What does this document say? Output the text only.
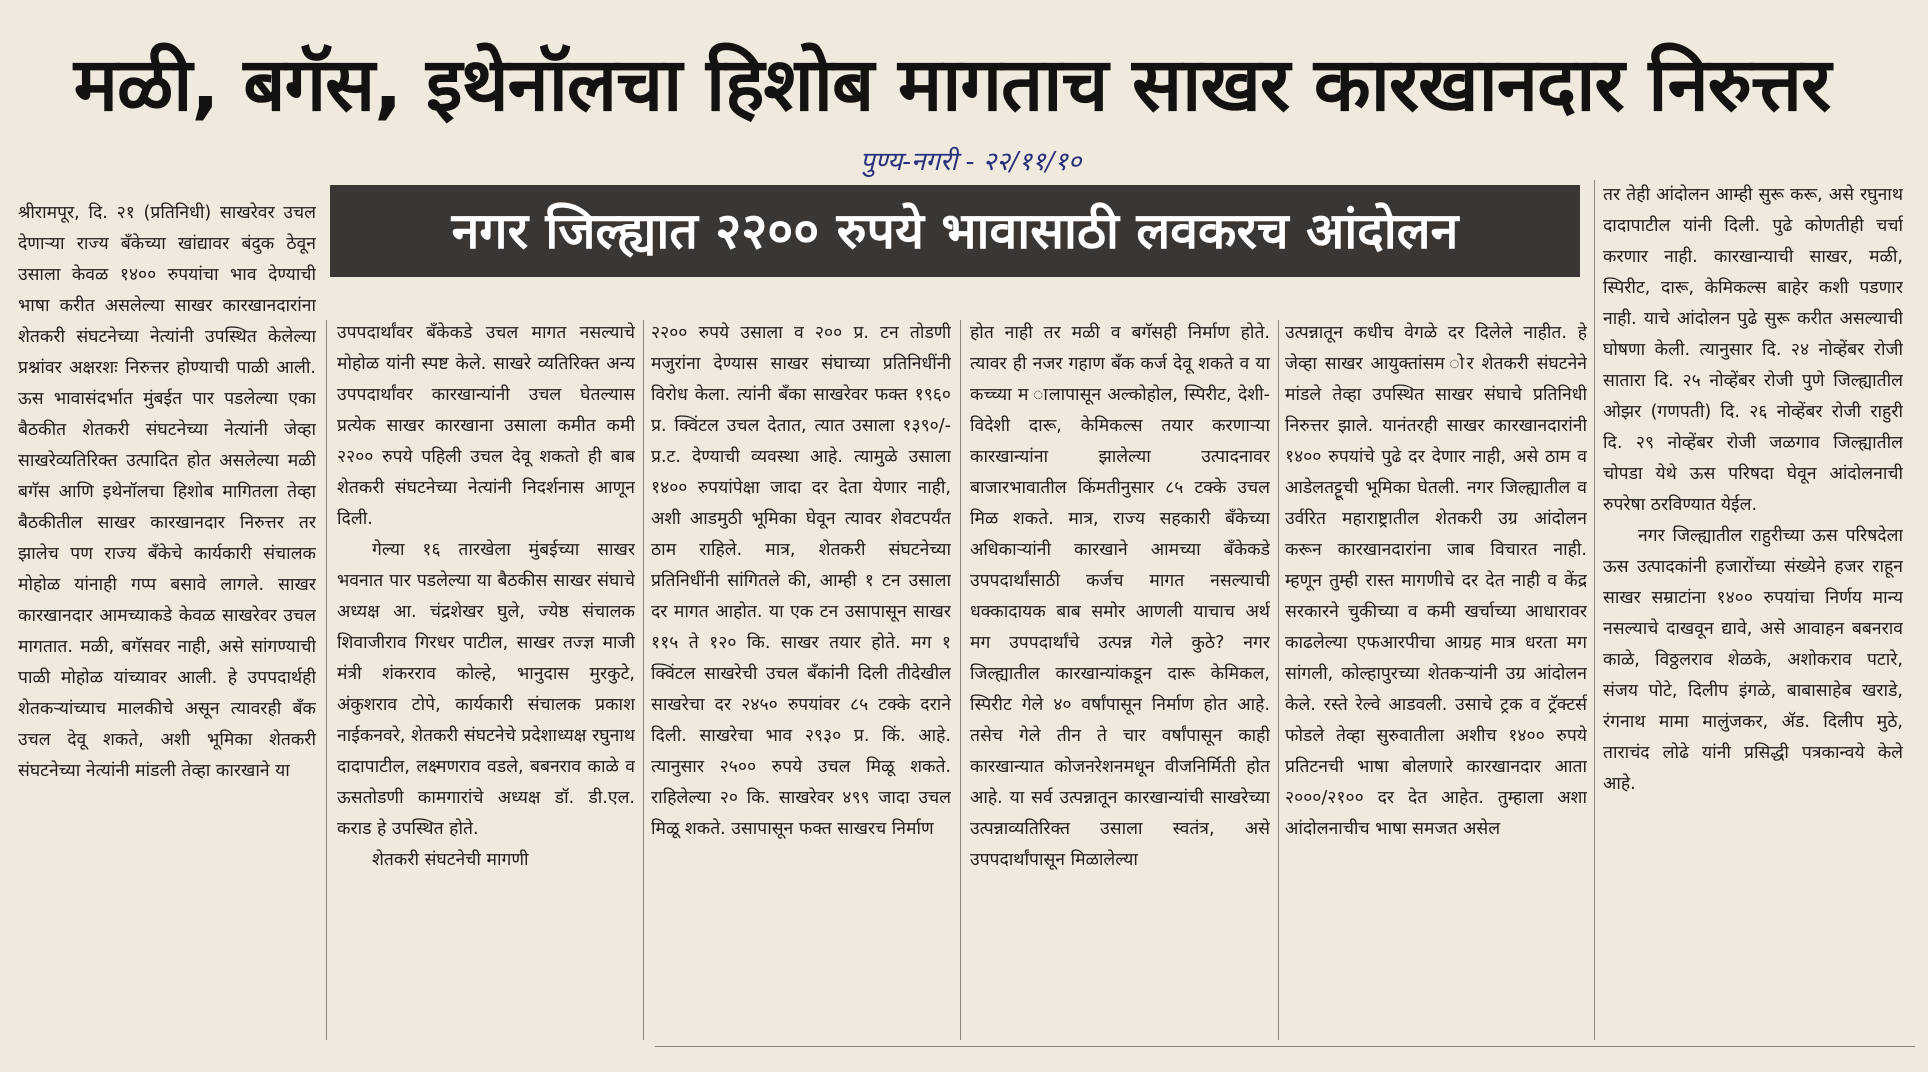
मळी, बगॅस, इथेनॉलचा हिशोब मागताच साखर कारखानदार निरुत्तर
पुण्य-नगरी - २२/११/१०
नगर जिल्ह्यात २२०० रुपये भावासाठी लवकरच आंदोलन

श्रीरामपूर, दि. २१ (प्रतिनिधी) साखरेवर उचल देणाऱ्या राज्य बँकेच्या खांद्यावर बंदुक ठेवून उसाला केवळ १४०० रुपयांचा भाव देण्याची भाषा करीत असलेल्या साखर कारखानदारांना शेतकरी संघटनेच्या नेत्यांनी उपस्थित केलेल्या प्रश्नांवर अक्षरशः निरुत्तर होण्याची पाळी आली. ऊस भावासंदर्भात मुंबईत पार पडलेल्या एका बैठकीत शेतकरी संघटनेच्या नेत्यांनी जेव्हा साखरेव्यतिरिक्त उत्पादित होत असलेल्या मळी बगॅस आणि इथेनॉलचा हिशोब मागितला तेव्हा बैठकीतील साखर कारखानदार निरुत्तर तर झालेच पण राज्य बँकेचे कार्यकारी संचालक मोहोळ यांनाही गप्प बसावे लागले. साखर कारखानदार आमच्याकडे केवळ साखरेवर उचल मागतात. मळी, बगॅसवर नाही, असे सांगण्याची पाळी मोहोळ यांच्यावर आली. हे उपपदार्थही शेतकऱ्यांच्याच मालकीचे असून त्यावरही बँक उचल देवू शकते, अशी भूमिका शेतकरी संघटनेच्या नेत्यांनी मांडली तेव्हा कारखाने या

उपपदार्थांवर बँकेकडे उचल मागत नसल्याचे मोहोळ यांनी स्पष्ट केले. साखरे व्यतिरिक्त अन्य उपपदार्थांवर कारखान्यांनी उचल घेतल्यास प्रत्येक साखर कारखाना उसाला कमीत कमी २२०० रुपये पहिली उचल देवू शकतो ही बाब शेतकरी संघटनेच्या नेत्यांनी निदर्शनास आणून दिली.

गेल्या १६ तारखेला मुंबईच्या साखर भवनात पार पडलेल्या या बैठकीस साखर संघाचे अध्यक्ष आ. चंद्रशेखर घुले, ज्येष्ठ संचालक शिवाजीराव गिरधर पाटील, साखर तज्ज्ञ माजी मंत्री शंकरराव कोल्हे, भानुदास मुरकुटे, अंकुशराव टोपे, कार्यकारी संचालक प्रकाश नाईकनवरे, शेतकरी संघटनेचे प्रदेशाध्यक्ष रघुनाथ दादापाटील, लक्ष्मणराव वडले, बबनराव काळे व ऊसतोडणी कामगारांचे अध्यक्ष डॉ. डी.एल. कराड हे उपस्थित होते.

शेतकरी संघटनेची मागणी

२२०० रुपये उसाला व २०० प्र. टन तोडणी मजुरांना देण्यास साखर संघाच्या प्रतिनिधींनी विरोध केला. त्यांनी बँका साखरेवर फक्त १९६० प्र. क्विंटल उचल देतात, त्यात उसाला १३९०/- प्र.ट. देण्याची व्यवस्था आहे. त्यामुळे उसाला १४०० रुपयांपेक्षा जादा दर देता येणार नाही, अशी आडमुठी भूमिका घेवून त्यावर शेवटपर्यंत ठाम राहिले. मात्र, शेतकरी संघटनेच्या प्रतिनिधींनी सांगितले की, आम्ही १ टन उसाला दर मागत आहोत. या एक टन उसापासून साखर ११५ ते १२० कि. साखर तयार होते. मग १ क्विंटल साखरेची उचल बँकांनी दिली तीदेखील साखरेचा दर २४५० रुपयांवर ८५ टक्के दराने दिली. साखरेचा भाव २९३० प्र. किं. आहे. त्यानुसार २५०० रुपये उचल मिळू शकते. राहिलेल्या २० कि. साखरेवर ४९९ जादा उचल मिळू शकते. उसापासून फक्त साखरच निर्माण

होत नाही तर मळी व बगॅसही निर्माण होते. त्यावर ही नजर गहाण बँक कर्ज देवू शकते व या कच्च्या म ालापासून अल्कोहोल, स्पिरीट, देशी-विदेशी दारू, केमिकल्स तयार करणाऱ्या कारखान्यांना झालेल्या उत्पादनावर बाजारभावातील किंमतीनुसार ८५ टक्के उचल मिळ शकते. मात्र, राज्य सहकारी बँकेच्या अधिकाऱ्यांनी कारखाने आमच्या बँकेकडे उपपदार्थांसाठी कर्जच मागत नसल्याची धक्कादायक बाब समोर आणली याचाच अर्थ मग उपपदार्थांचे उत्पन्न गेले कुठे? नगर जिल्ह्यातील कारखान्यांकडून दारू केमिकल, स्पिरीट गेले ४० वर्षांपासून निर्माण होत आहे. तसेच गेले तीन ते चार वर्षांपासून काही कारखान्यात कोजनरेशनमधून वीजनिर्मिती होत आहे. या सर्व उत्पन्नातून कारखान्यांची साखरेच्या उत्पन्नाव्यतिरिक्त उसाला स्वतंत्र, असे उपपदार्थांपासून मिळालेल्या

उत्पन्नातून कधीच वेगळे दर दिलेले नाहीत. हे जेव्हा साखर आयुक्तांसम ोर शेतकरी संघटनेने मांडले तेव्हा उपस्थित साखर संघाचे प्रतिनिधी निरुत्तर झाले. यानंतरही साखर कारखानदारांनी १४०० रुपयांचे पुढे दर देणार नाही, असे ठाम व आडेलतट्टूची भूमिका घेतली. नगर जिल्ह्यातील व उर्वरित महाराष्ट्रातील शेतकरी उग्र आंदोलन करून कारखानदारांना जाब विचारत नाही. म्हणून तुम्ही रास्त मागणीचे दर देत नाही व केंद्र सरकारने चुकीच्या व कमी खर्चाच्या आधारावर काढलेल्या एफआरपीचा आग्रह मात्र धरता मग सांगली, कोल्हापुरच्या शेतकऱ्यांनी उग्र आंदोलन केले. रस्ते रेल्वे आडवली. उसाचे ट्रक व ट्रॅक्टर्स फोडले तेव्हा सुरुवातीला अशीच १४०० रुपये प्रतिटनची भाषा बोलणारे कारखानदार आता २०००/२१०० दर देत आहेत. तुम्हाला अशा आंदोलनाचीच भाषा समजत असेल

तर तेही आंदोलन आम्ही सुरू करू, असे रघुनाथ दादापाटील यांनी दिली. पुढे कोणतीही चर्चा करणार नाही. कारखान्याची साखर, मळी, स्पिरीट, दारू, केमिकल्स बाहेर कशी पडणार नाही. याचे आंदोलन पुढे सुरू करीत असल्याची घोषणा केली. त्यानुसार दि. २४ नोव्हेंबर रोजी सातारा दि. २५ नोव्हेंबर रोजी पुणे जिल्ह्यातील ओझर (गणपती) दि. २६ नोव्हेंबर रोजी राहुरी दि. २९ नोव्हेंबर रोजी जळगाव जिल्ह्यातील चोपडा येथे ऊस परिषदा घेवून आंदोलनाची रुपरेषा ठरविण्यात येईल.

नगर जिल्ह्यातील राहुरीच्या ऊस परिषदेला ऊस उत्पादकांनी हजारोंच्या संख्येने हजर राहून साखर सम्राटांना १४०० रुपयांचा निर्णय मान्य नसल्याचे दाखवून द्यावे, असे आवाहन बबनराव काळे, विठ्ठलराव शेळके, अशोकराव पटारे, संजय पोटे, दिलीप इंगळे, बाबासाहेब खराडे, रंगनाथ मामा मालुंजकर, ॲड. दिलीप मुठे, ताराचंद लोढे यांनी प्रसिद्धी पत्रकान्वये केले आहे.
